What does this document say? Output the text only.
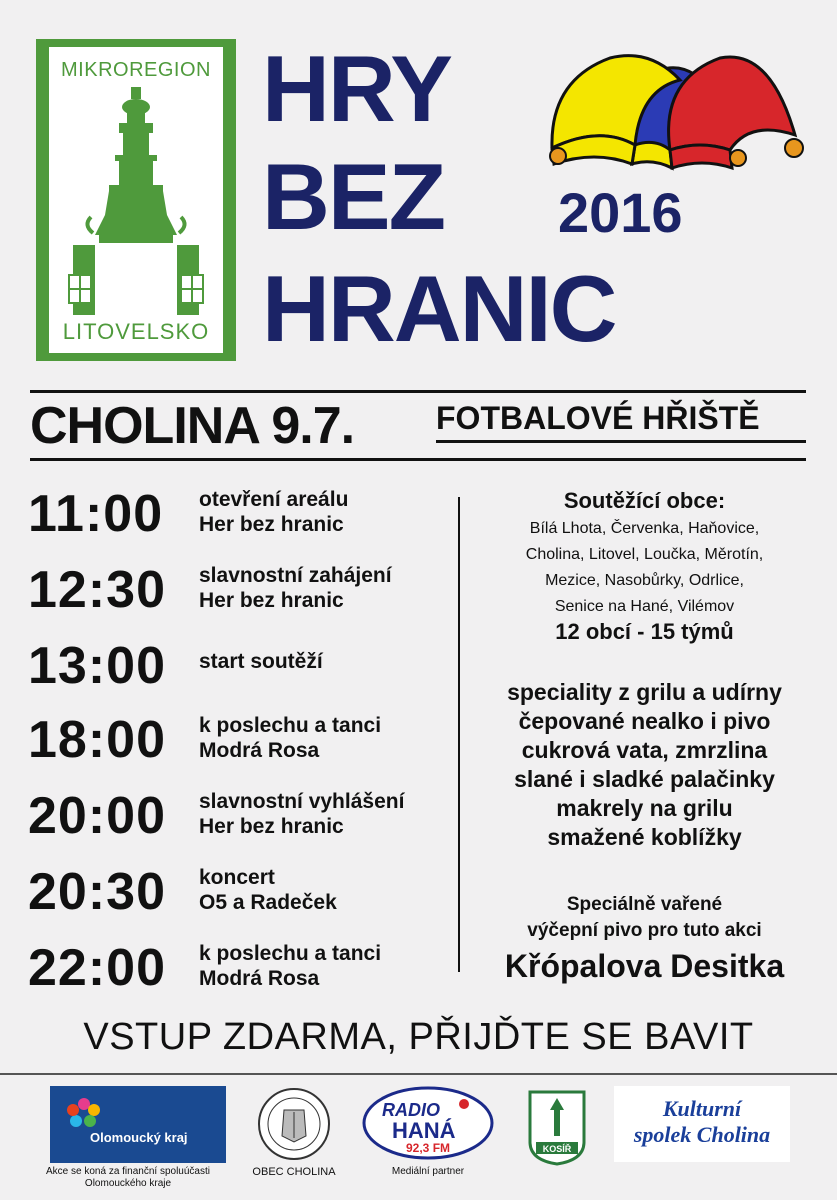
MIKROREGION
LITOVELSKO
HRY
BEZ
HRANIC
2016
CHOLINA 9.7.	FOTBALOVÉ HŘIŠTĚ
11:00 otevření areálu
Her bez hranic
12:30 slavnostní zahájení
Her bez hranic
13:00 start soutěží
18:00 k poslechu a tanci
Modrá Rosa
20:00 slavnostní vyhlášení
Her bez hranic
20:30 koncert
O5 a Radeček
22:00 k poslechu a tanci
Modrá Rosa
Soutěžící obce:
Bílá Lhota, Červenka, Haňovice,
Cholina, Litovel, Loučka, Měrotín,
Mezice, Nasobůrky, Odrlice,
Senice na Hané, Vilémov
12 obcí - 15 týmů
speciality z grilu a udírny
čepované nealko i pivo
cukrová vata, zmrzlina
slané i sladké palačinky
makrely na grilu
smažené koblížky
Speciálně vařené
výčepní pivo pro tuto akci
Křópalova Desitka
VSTUP ZDARMA, PŘIJĎTE SE BAVIT
Olomoucký kraj
Akce se koná za finanční spoluúčasti
Olomouckého kraje
OBEC CHOLINA
RADIO
HANÁ
92,3 FM
Mediální partner
KOSÍŘ
Kulturní
spolek Cholina
